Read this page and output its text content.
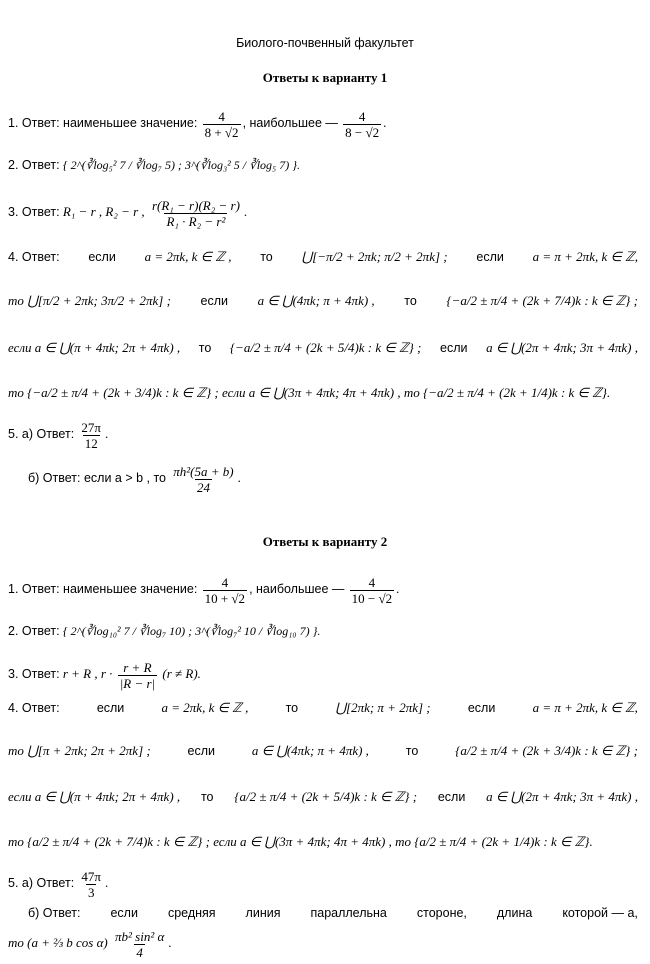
Биолого-почвенный факультет
Ответы к варианту 1
1. Ответ: наименьшее значение: $\frac{4}{8 + √2}$ , наибольшее — $\frac{4}{8 - √2}$ .
2. Ответ: { 2^(∛log₅² 7 / ∛log₇ 5) ; 3^(∛log₃² 5 / ∛log₅ 7) }.
3. Ответ: R₁ − r , R₂ − r , $\frac{\text{r(R₁ − r)(R₂ − r)}}{\text{R₁ · R₂ − r²}}$ .
4. Ответ: если a = 2πk, k ∈ ℤ , то ⋃[−π/2 + 2πk; π/2 + 2πk] ; если a = π + 2πk, k ∈ ℤ,
то ⋃[π/2 + 2πk; 3π/2 + 2πk] ; если a ∈ ⋃(4πk; π + 4πk) , то {−a/2 ± π/4 + (2k + 7/4)k : k ∈ ℤ} ;
если a ∈ ⋃(π + 4πk; 2π + 4πk) , то {−a/2 ± π/4 + (2k + 5/4)k : k ∈ ℤ} ; если a ∈ ⋃(2π + 4πk; 3π + 4πk) ,
то {−a/2 ± π/4 + (2k + 3/4)k : k ∈ ℤ} ; если a ∈ ⋃(3π + 4πk; 4π + 4πk) , то {−a/2 ± π/4 + (2k + 1/4)k : k ∈ ℤ}.
5. а) Ответ: $\frac{27\pi}{12}$ .
б) Ответ: если a > b , то $\frac{\text{πh²(5a + b)}}{24}$ .
Ответы к варианту 2
1. Ответ: наименьшее значение: $\frac{4}{10 + √2}$ , наибольшее — $\frac{4}{10 - √2}$ .
2. Ответ: { 2^(∛log₁₀² 7 / ∛log₇ 10) ; 3^(∛log₇² 10 / ∛log₁₀ 7) }.
3. Ответ: r + R , $r \cdot \frac{r + R}{|R - r|} (r \ne R)$.
4. Ответ:	если	a = 2πk, k ∈ ℤ ,	то	⋃[2πk; π + 2πk] ;	если	a = π + 2πk, k ∈ ℤ,
то ⋃[π + 2πk; 2π + 2πk] ;	если	a ∈ ⋃(4πk; π + 4πk) ,	то	{a/2 ± π/4 + (2k + 3/4)k : k ∈ ℤ} ;
если a ∈ ⋃(π + 4πk; 2π + 4πk) , то {a/2 ± π/4 + (2k + 5/4)k : k ∈ ℤ} ; если a ∈ ⋃(2π + 4πk; 3π + 4πk) ,
то {a/2 ± π/4 + (2k + 7/4)k : k ∈ ℤ} ; если a ∈ ⋃(3π + 4πk; 4π + 4πk) , то {a/2 ± π/4 + (2k + 1/4)k : k ∈ ℤ}.
5. а) Ответ: $\frac{47\pi}{3}$ .
б) Ответ: если средняя линия параллельна стороне, длина которой — a,
то (a + ⅔ b $\cos \alpha) \frac{\text{πb² sin² α}}{4}$ .
